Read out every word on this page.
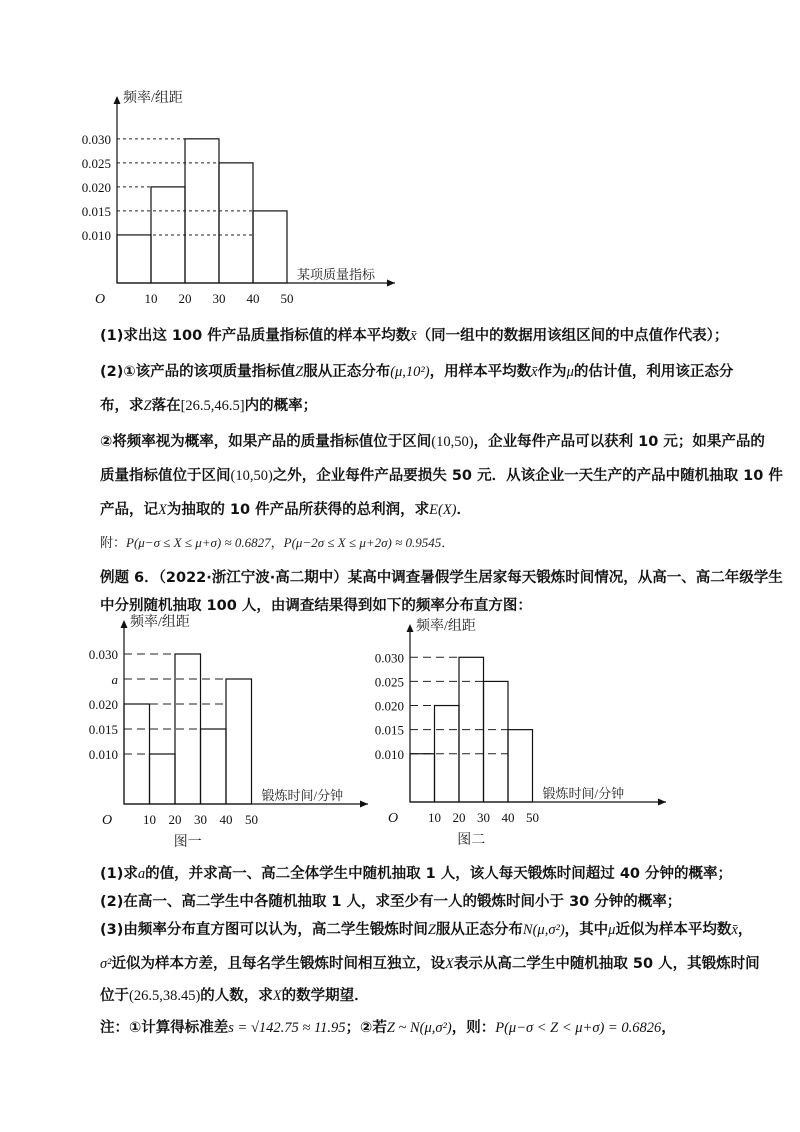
频率/组距
某项质量指标
O	10 20 30 40 50
0.030
0.025
0.020
0.015
0.010
(1)求出这 100 件产品质量指标值的样本平均数x̄（同一组中的数据用该组区间的中点值作代表）；
(2)①该产品的该项质量指标值Z服从正态分布(μ,10²)，用样本平均数x̄作为μ的估计值，利用该正态分
布，求Z落在[26.5,46.5]内的概率；
②将频率视为概率，如果产品的质量指标值位于区间(10,50)，企业每件产品可以获利 10 元；如果产品的
质量指标值位于区间(10,50)之外，企业每件产品要损失 50 元．从该企业一天生产的产品中随机抽取 10 件
产品，记X为抽取的 10 件产品所获得的总利润，求E(X)．
附：P(μ−σ ≤ X ≤ μ+σ) ≈ 0.6827，P(μ−2σ ≤ X ≤ μ+2σ) ≈ 0.9545．
例题 6．（2022·浙江宁波·高二期中）某高中调查暑假学生居家每天锻炼时间情况，从高一、高二年级学生
中分别随机抽取 100 人，由调查结果得到如下的频率分布直方图：
频率/组距
锻炼时间/分钟
O
图一
10 20 30 40 50
0.030
a
0.020
0.015
0.010
频率/组距
锻炼时间/分钟
O
图二
10 20 30 40 50
0.030
0.025
0.020
0.015
0.010
(1)求a的值，并求高一、高二全体学生中随机抽取 1 人，该人每天锻炼时间超过 40 分钟的概率；
(2)在高一、高二学生中各随机抽取 1 人，求至少有一人的锻炼时间小于 30 分钟的概率；
(3)由频率分布直方图可以认为，高二学生锻炼时间Z服从正态分布N(μ,σ²)，其中μ近似为样本平均数x̄，
σ²近似为样本方差，且每名学生锻炼时间相互独立，设X表示从高二学生中随机抽取 50 人，其锻炼时间
位于(26.5,38.45)的人数，求X的数学期望．
注：①计算得标准差s = √142.75 ≈ 11.95；②若Z ~ N(μ,σ²)，则：P(μ−σ < Z < μ+σ) = 0.6826，
